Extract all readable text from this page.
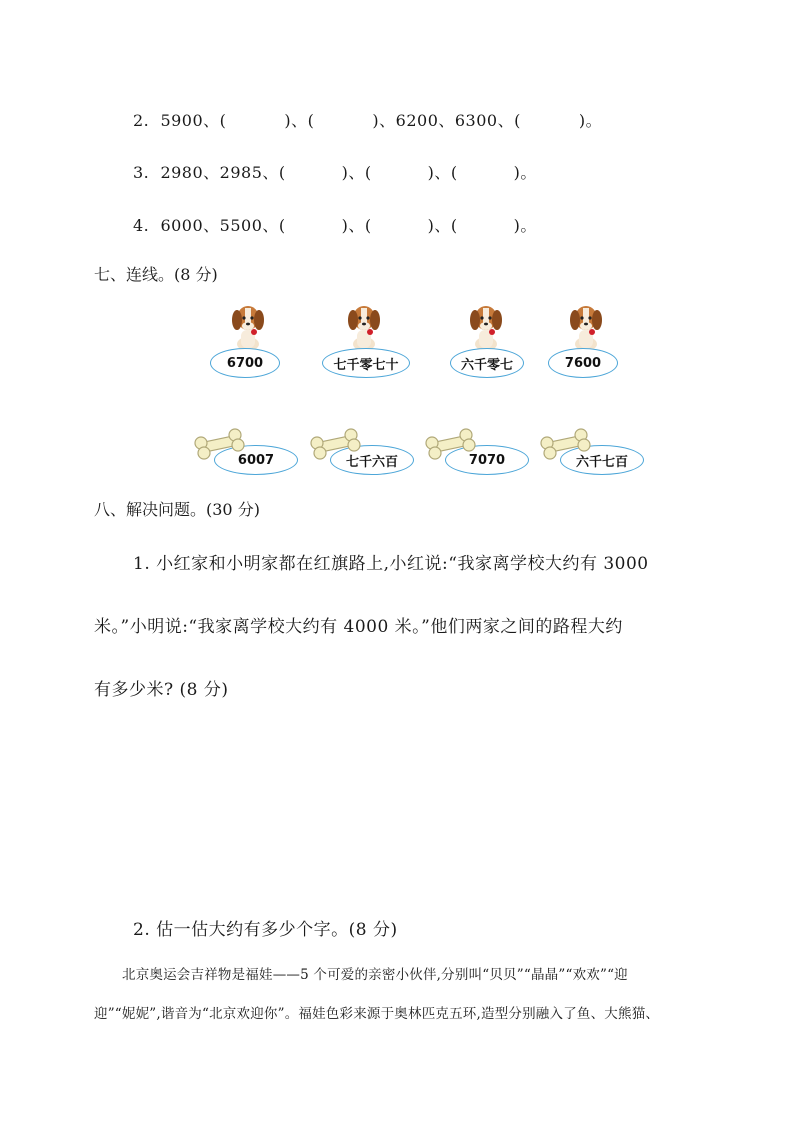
2. 5900、(	)、(	)、6200、6300、(	)。
3. 2980、2985、(	)、(	)、(	)。
4. 6000、5500、(	)、(	)、(	)。
七、连线。(8 分)
6700	七千零七十	六千零七	7600
6007	七千六百	7070	六千七百
八、解决问题。(30 分)
1. 小红家和小明家都在红旗路上,小红说:“我家离学校大约有 3000
米。”小明说:“我家离学校大约有 4000 米。”他们两家之间的路程大约
有多少米? (8 分)
2. 估一估大约有多少个字。(8 分)
北京奥运会吉祥物是福娃——5 个可爱的亲密小伙伴,分别叫“贝贝”“晶晶”“欢欢”“迎
迎”“妮妮”,谐音为“北京欢迎你”。福娃色彩来源于奥林匹克五环,造型分别融入了鱼、大熊猫、
